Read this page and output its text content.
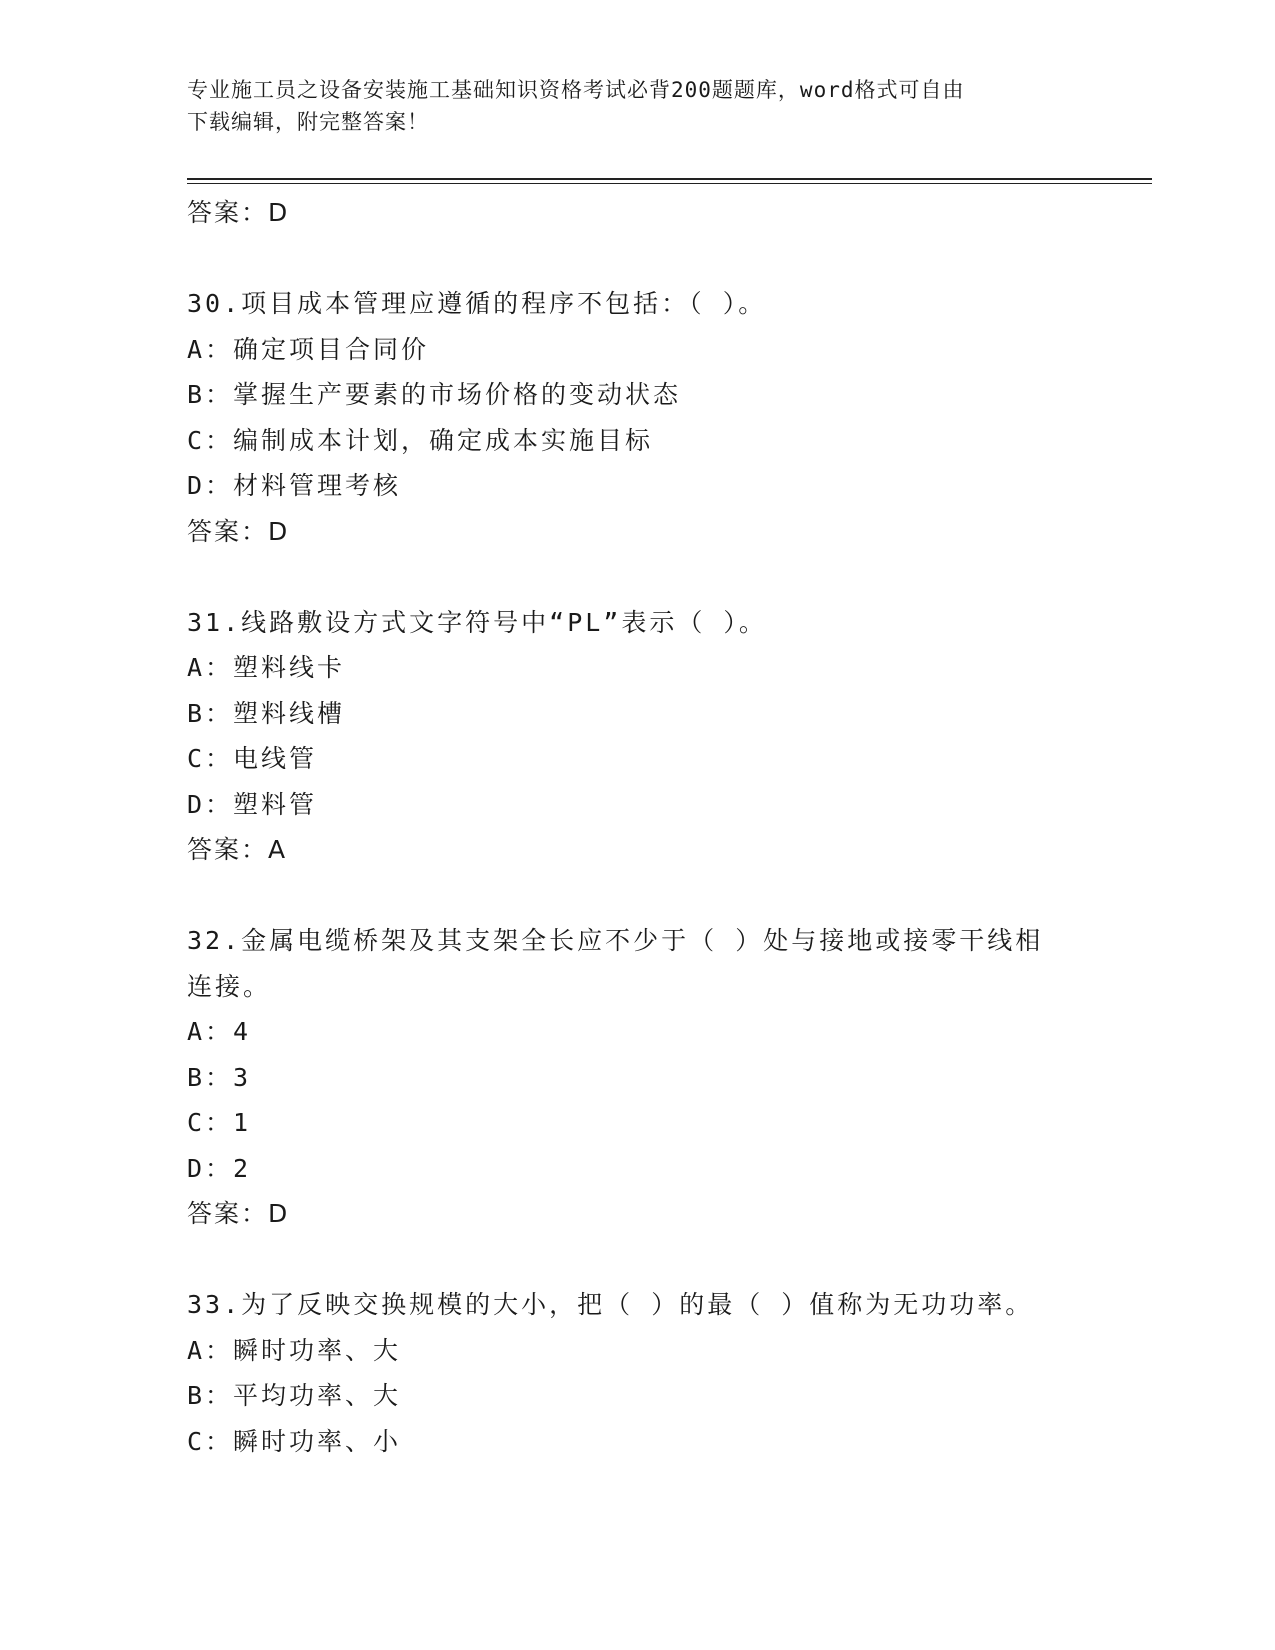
专业施工员之设备安装施工基础知识资格考试必背200题题库，word格式可自由
下载编辑，附完整答案！
答案：D
30.项目成本管理应遵循的程序不包括：（ ）。
A：确定项目合同价
B：掌握生产要素的市场价格的变动状态
C：编制成本计划，确定成本实施目标
D：材料管理考核
答案：D
31.线路敷设方式文字符号中“PL”表示（ ）。
A：塑料线卡
B：塑料线槽
C：电线管
D：塑料管
答案：A
32.金属电缆桥架及其支架全长应不少于（ ）处与接地或接零干线相
连接。
A：4
B：3
C：1
D：2
答案：D
33.为了反映交换规模的大小，把（ ）的最（ ）值称为无功功率。
A：瞬时功率、大
B：平均功率、大
C：瞬时功率、小
